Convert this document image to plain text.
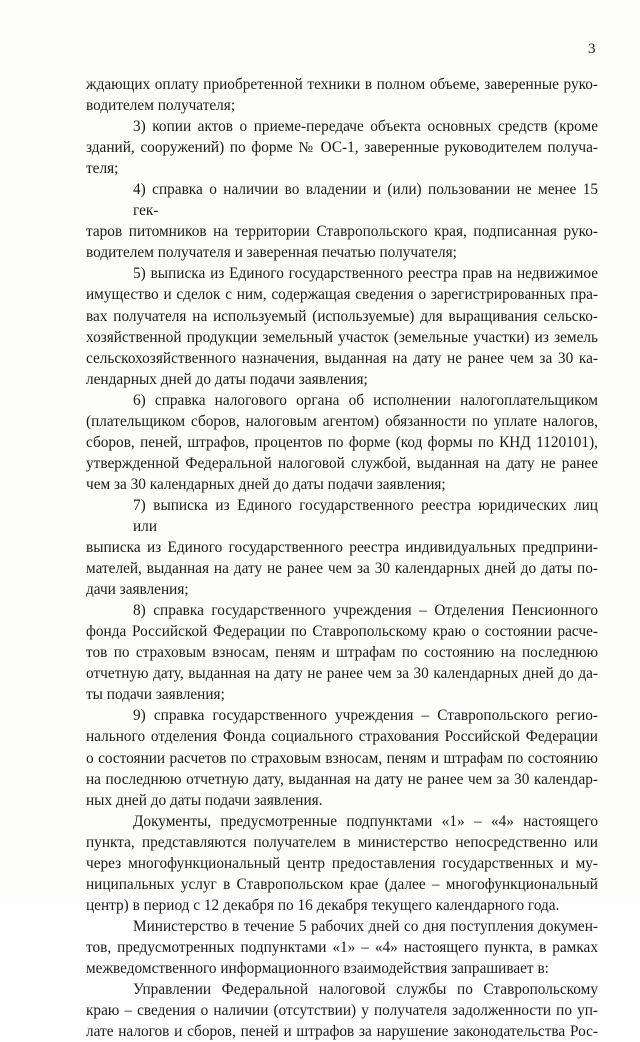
3
ждающих оплату приобретенной техники в полном объеме, заверенные руко-
водителем получателя;
3) копии актов о приеме-передаче объекта основных средств (кроме
зданий, сооружений) по форме № ОС-1, заверенные руководителем получа-
теля;
4) справка о наличии во владении и (или) пользовании не менее 15 гек-
таров питомников на территории Ставропольского края, подписанная руко-
водителем получателя и заверенная печатью получателя;
5) выписка из Единого государственного реестра прав на недвижимое
имущество и сделок с ним, содержащая сведения о зарегистрированных пра-
вах получателя на используемый (используемые) для выращивания сельско-
хозяйственной продукции земельный участок (земельные участки) из земель
сельскохозяйственного назначения, выданная на дату не ранее чем за 30 ка-
лендарных дней до даты подачи заявления;
6) справка налогового органа об исполнении налогоплательщиком
(плательщиком сборов, налоговым агентом) обязанности по уплате налогов,
сборов, пеней, штрафов, процентов по форме (код формы по КНД 1120101),
утвержденной Федеральной налоговой службой, выданная на дату не ранее
чем за 30 календарных дней до даты подачи заявления;
7) выписка из Единого государственного реестра юридических лиц или
выписка из Единого государственного реестра индивидуальных предприни-
мателей, выданная на дату не ранее чем за 30 календарных дней до даты по-
дачи заявления;
8) справка государственного учреждения – Отделения Пенсионного
фонда Российской Федерации по Ставропольскому краю о состоянии расче-
тов по страховым взносам, пеням и штрафам по состоянию на последнюю
отчетную дату, выданная на дату не ранее чем за 30 календарных дней до да-
ты подачи заявления;
9) справка государственного учреждения – Ставропольского регио-
нального отделения Фонда социального страхования Российской Федерации
о состоянии расчетов по страховым взносам, пеням и штрафам по состоянию
на последнюю отчетную дату, выданная на дату не ранее чем за 30 календар-
ных дней до даты подачи заявления.
Документы, предусмотренные подпунктами «1» – «4» настоящего
пункта, представляются получателем в министерство непосредственно или
через многофункциональный центр предоставления государственных и му-
ниципальных услуг в Ставропольском крае (далее – многофункциональный
центр) в период с 12 декабря по 16 декабря текущего календарного года.
Министерство в течение 5 рабочих дней со дня поступления докумен-
тов, предусмотренных подпунктами «1» – «4» настоящего пункта, в рамках
межведомственного информационного взаимодействия запрашивает в:
Управлении Федеральной налоговой службы по Ставропольскому
краю – сведения о наличии (отсутствии) у получателя задолженности по уп-
лате налогов и сборов, пеней и штрафов за нарушение законодательства Рос-
